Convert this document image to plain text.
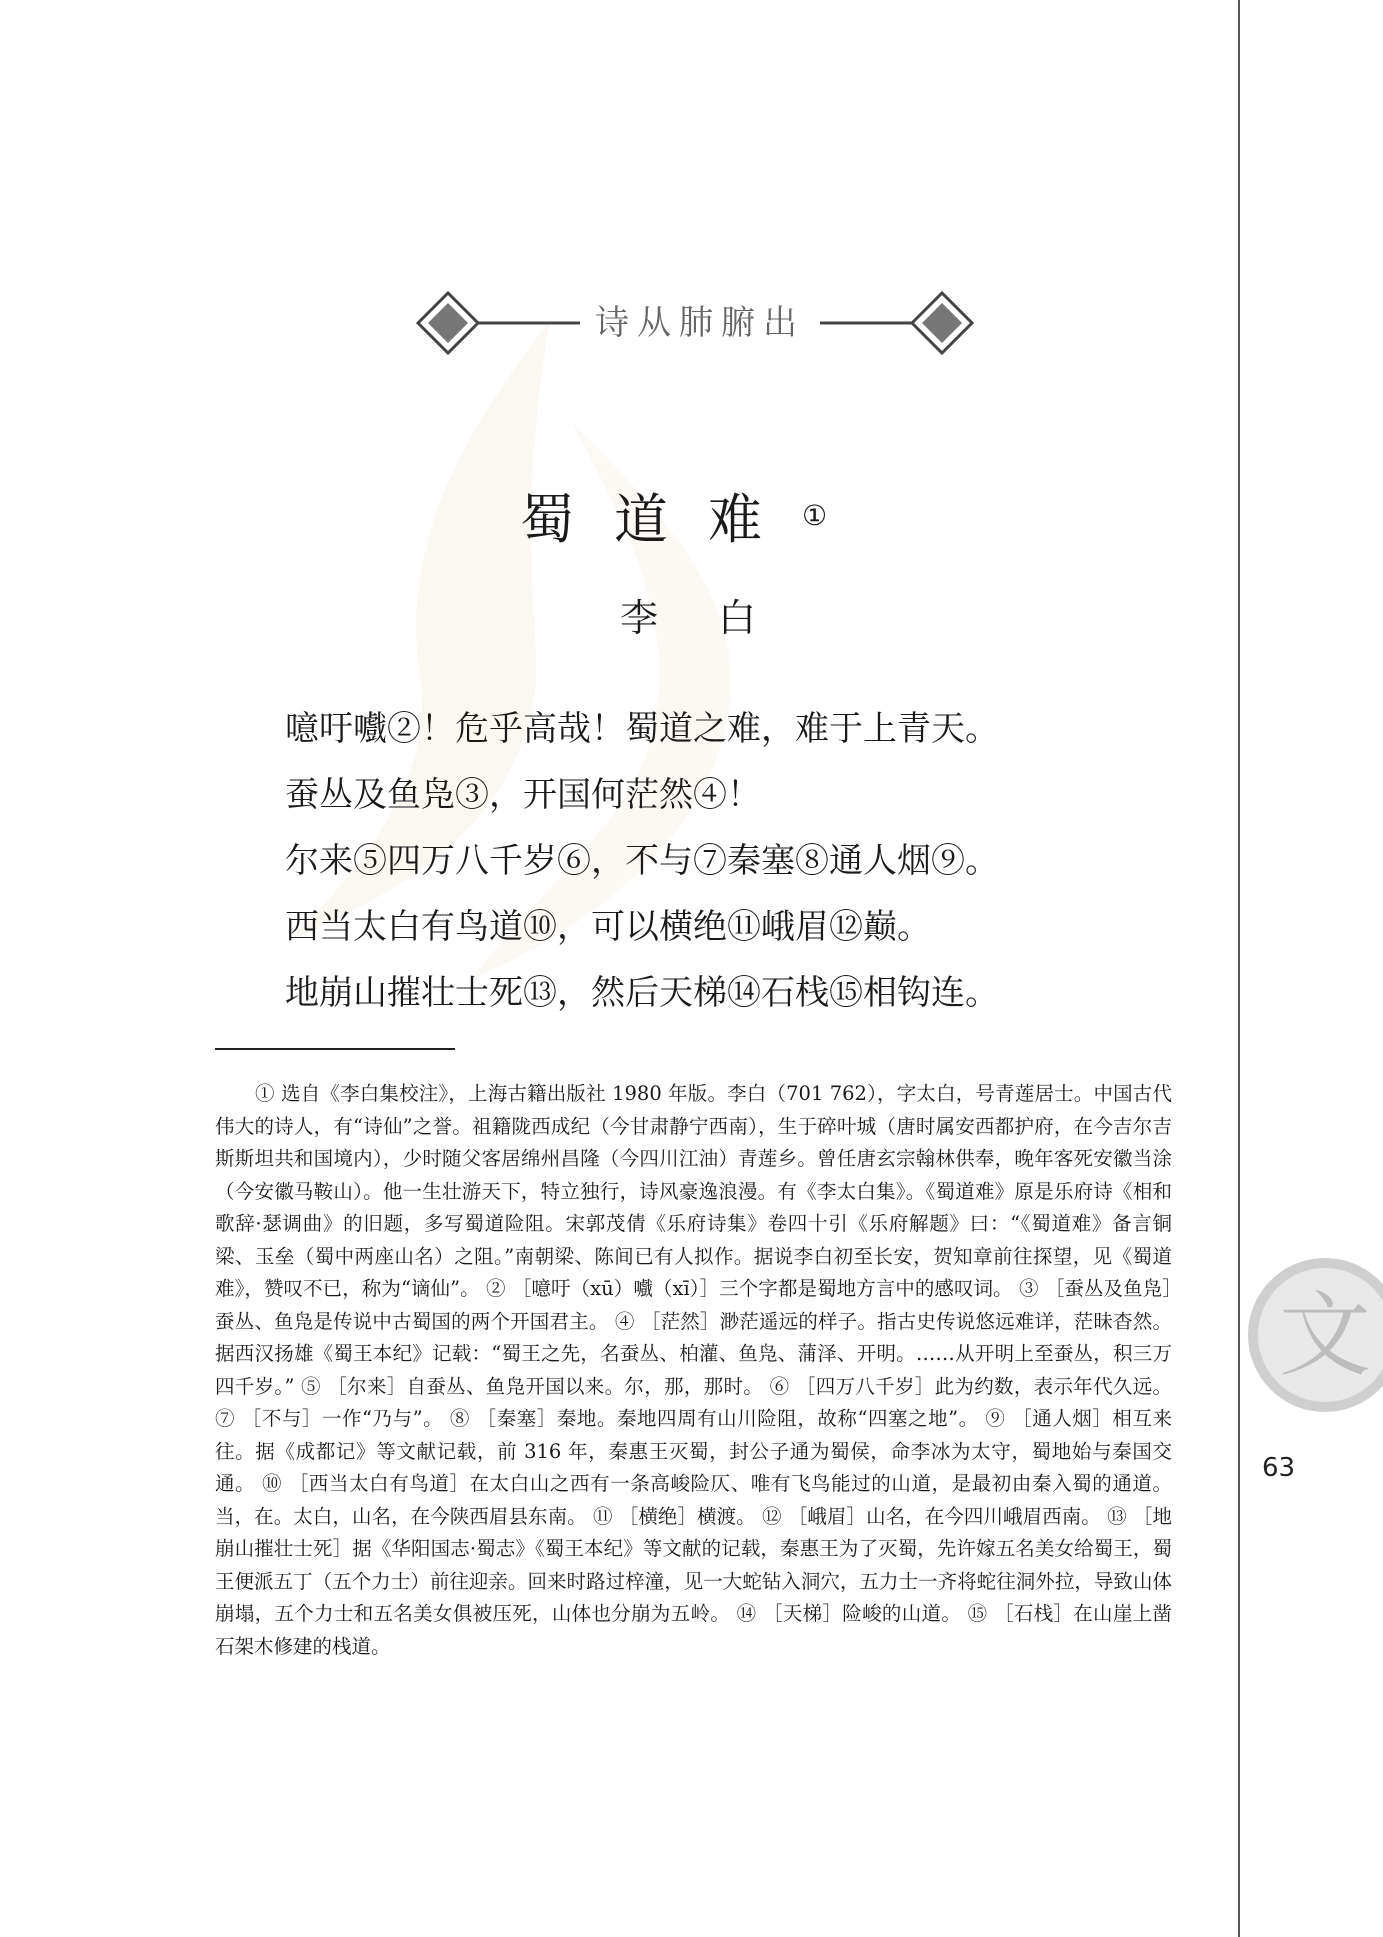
诗从肺腑出
蜀道难①
李白
噫吁嚱②！危乎高哉！蜀道之难，难于上青天。
蚕丛及鱼凫③，开国何茫然④！
尔来⑤四万八千岁⑥，不与⑦秦塞⑧通人烟⑨。
西当太白有鸟道⑩，可以横绝⑪峨眉⑫巅。
地崩山摧壮士死⑬，然后天梯⑭石栈⑮相钩连。
① 选自《李白集校注》，上海古籍出版社 1980 年版。李白（701 762），字太白，号青莲居士。中国古代伟大的诗人，有“诗仙”之誉。祖籍陇西成纪（今甘肃静宁西南），生于碎叶城（唐时属安西都护府，在今吉尔吉斯斯坦共和国境内），少时随父客居绵州昌隆（今四川江油）青莲乡。曾任唐玄宗翰林供奉，晚年客死安徽当涂（今安徽马鞍山）。他一生壮游天下，特立独行，诗风豪逸浪漫。有《李太白集》。《蜀道难》原是乐府诗《相和歌辞·瑟调曲》的旧题，多写蜀道险阻。宋郭茂倩《乐府诗集》卷四十引《乐府解题》曰：“《蜀道难》备言铜梁、玉垒（蜀中两座山名）之阻。”南朝梁、陈间已有人拟作。据说李白初至长安，贺知章前往探望，见《蜀道难》，赞叹不已，称为“谪仙”。 ② ［噫吁（xū）嚱（xī）］三个字都是蜀地方言中的感叹词。 ③ ［蚕丛及鱼凫］蚕丛、鱼凫是传说中古蜀国的两个开国君主。 ④ ［茫然］渺茫遥远的样子。指古史传说悠远难详，茫昧杳然。据西汉扬雄《蜀王本纪》记载：“蜀王之先，名蚕丛、柏灌、鱼凫、蒲泽、开明。……从开明上至蚕丛，积三万四千岁。” ⑤ ［尔来］自蚕丛、鱼凫开国以来。尔，那，那时。 ⑥ ［四万八千岁］此为约数，表示年代久远。 ⑦ ［不与］一作“乃与”。 ⑧ ［秦塞］秦地。秦地四周有山川险阻，故称“四塞之地”。 ⑨ ［通人烟］相互来往。据《成都记》等文献记载，前 316 年，秦惠王灭蜀，封公子通为蜀侯，命李冰为太守，蜀地始与秦国交通。 ⑩ ［西当太白有鸟道］在太白山之西有一条高峻险仄、唯有飞鸟能过的山道，是最初由秦入蜀的通道。当，在。太白，山名，在今陕西眉县东南。 ⑪ ［横绝］横渡。 ⑫ ［峨眉］山名，在今四川峨眉西南。 ⑬ ［地崩山摧壮士死］据《华阳国志·蜀志》《蜀王本纪》等文献的记载，秦惠王为了灭蜀，先许嫁五名美女给蜀王，蜀王便派五丁（五个力士）前往迎亲。回来时路过梓潼，见一大蛇钻入洞穴，五力士一齐将蛇往洞外拉，导致山体崩塌，五个力士和五名美女俱被压死，山体也分崩为五岭。 ⑭ ［天梯］险峻的山道。 ⑮ ［石栈］在山崖上凿石架木修建的栈道。
文
63
